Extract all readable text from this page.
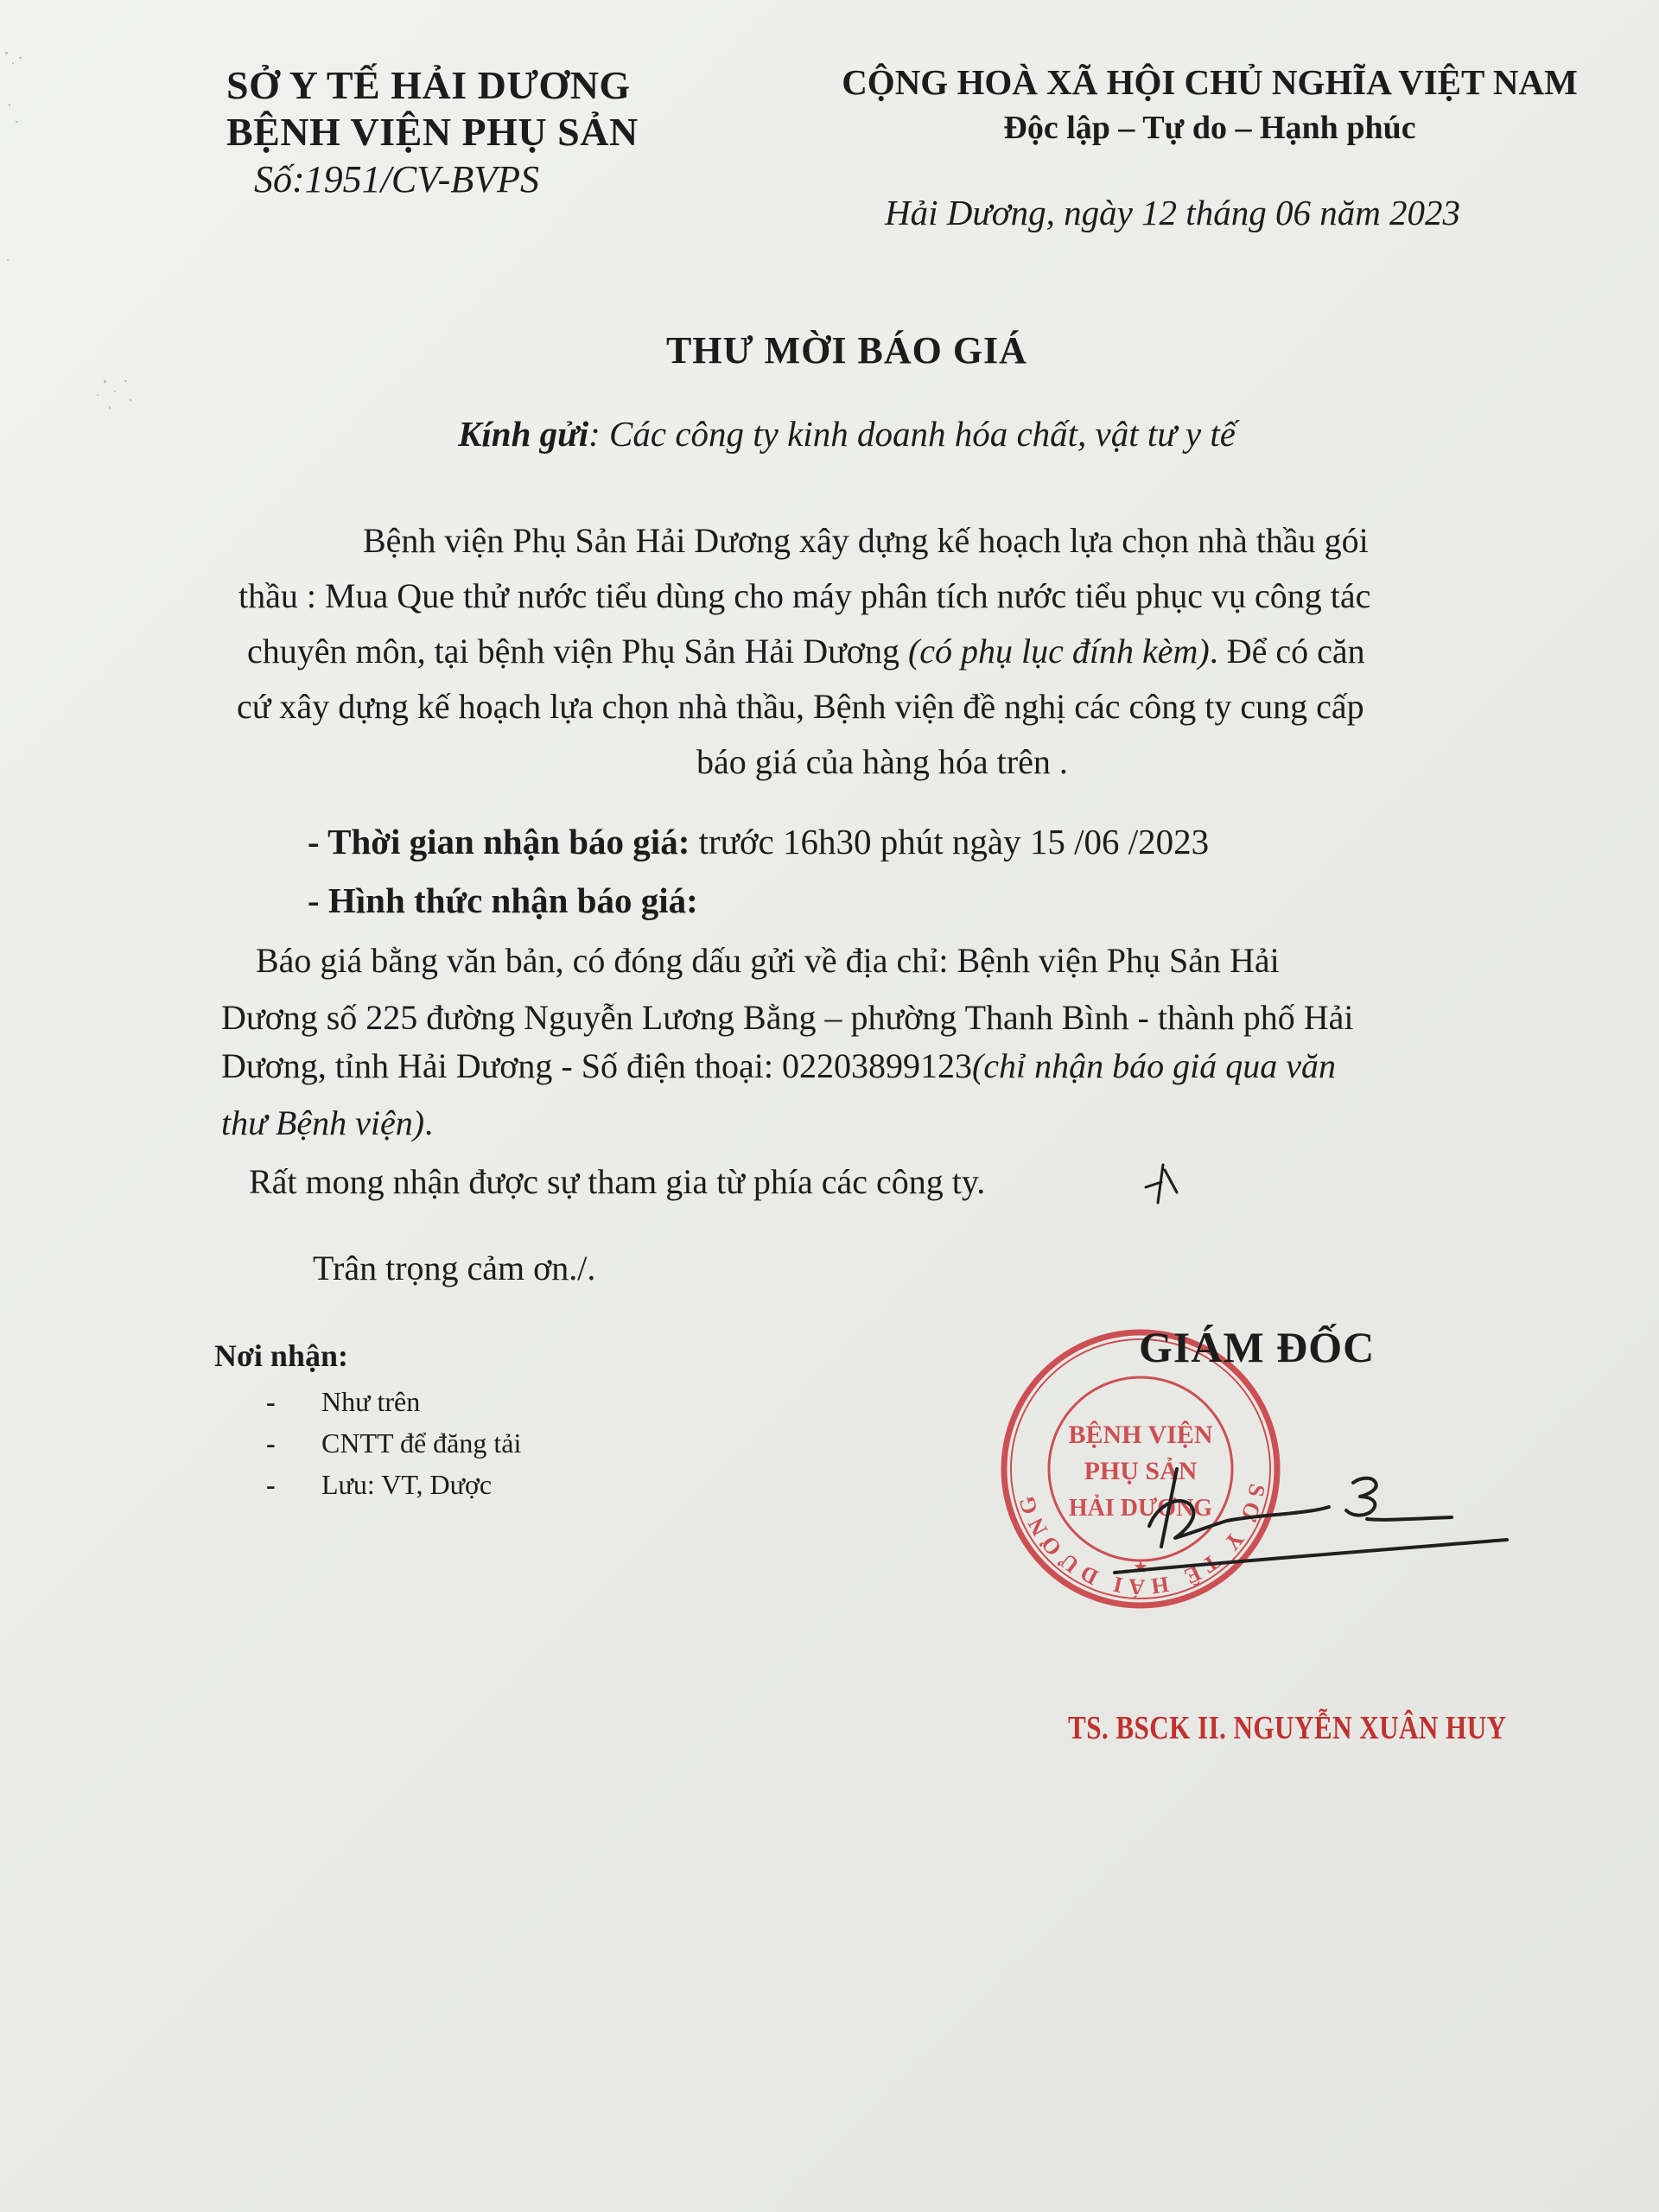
SỞ Y TẾ HẢI DƯƠNG
BỆNH VIỆN PHỤ SẢN
Số:1951/CV-BVPS
CỘNG HOÀ XÃ HỘI CHỦ NGHĨA VIỆT NAM
Độc lập – Tự do – Hạnh phúc
Hải Dương, ngày 12 tháng 06 năm 2023
THƯ MỜI BÁO GIÁ
Kính gửi: Các công ty kinh doanh hóa chất, vật tư y tế
Bệnh viện Phụ Sản Hải Dương xây dựng kế hoạch lựa chọn nhà thầu gói
thầu : Mua Que thử nước tiểu dùng cho máy phân tích nước tiểu phục vụ công tác
chuyên môn, tại bệnh viện Phụ Sản Hải Dương (có phụ lục đính kèm). Để có căn
cứ xây dựng kế hoạch lựa chọn nhà thầu, Bệnh viện đề nghị các công ty cung cấp
báo giá của hàng hóa trên .
- Thời gian nhận báo giá: trước 16h30 phút ngày 15 /06 /2023
- Hình thức nhận báo giá:
Báo giá bằng văn bản, có đóng dấu gửi về địa chỉ: Bệnh viện Phụ Sản Hải
Dương số 225 đường Nguyễn Lương Bằng – phường Thanh Bình - thành phố Hải
Dương, tỉnh Hải Dương - Số điện thoại: 02203899123(chỉ nhận báo giá qua văn
thư Bệnh viện).
Rất mong nhận được sự tham gia từ phía các công ty.
Trân trọng cảm ơn./.
Nơi nhận:
- Như trên
- CNTT để đăng tải
- Lưu: VT, Dược	SỞ Y TẾ HẢI DƯƠNG
BỆNH VIỆN
PHỤ SẢN
HẢI DƯƠNG
★
GIÁM ĐỐC
TS. BSCK II. NGUYỄN XUÂN HUY
